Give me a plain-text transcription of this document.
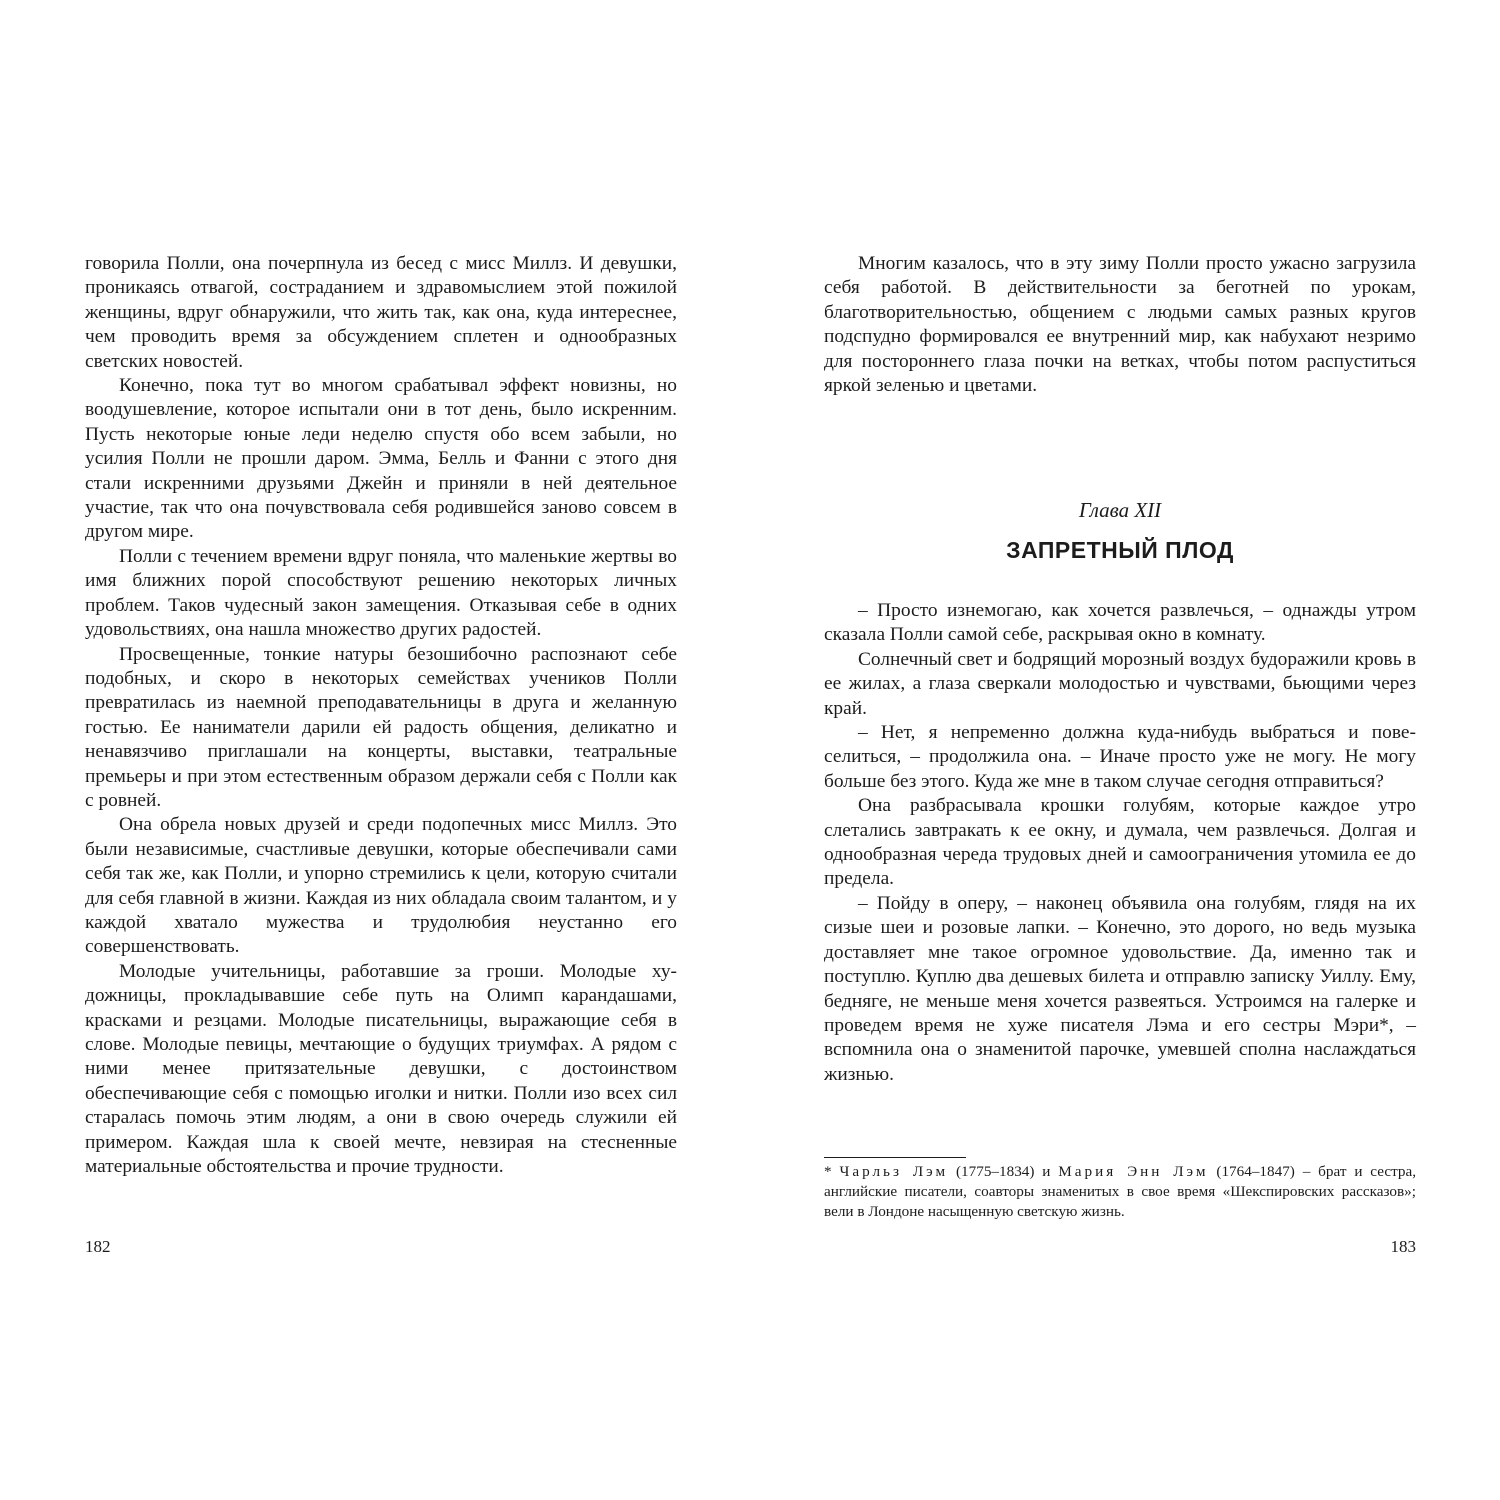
говорила Полли, она почерпнула из бесед с мисс Миллз. И девушки, проникаясь отвагой, состраданием и здравомыслием этой пожилой женщины, вдруг обнаружили, что жить так, как она, куда интереснее, чем проводить время за обсуждением сплетен и однообразных светских новостей.

Конечно, пока тут во многом срабатывал эффект новизны, но воодушевление, которое испытали они в тот день, было искренним. Пусть некоторые юные леди неделю спустя обо всем забыли, но усилия Полли не прошли даром. Эмма, Белль и Фанни с этого дня стали искренними друзьями Джейн и приняли в ней деятельное участие, так что она почувствовала себя родившейся заново совсем в другом мире.

Полли с течением времени вдруг поняла, что маленькие жертвы во имя ближних порой способствуют решению некоторых личных проблем. Таков чудесный закон замещения. Отказывая себе в одних удовольствиях, она нашла множество других радостей.

Просвещенные, тонкие натуры безошибочно распознают себе подобных, и скоро в некоторых семействах учеников Полли превратилась из наемной преподавательницы в друга и желанную гостью. Ее наниматели дарили ей радость общения, деликатно и ненавязчиво приглашали на концерты, выставки, театральные премьеры и при этом естественным образом держали себя с Полли как с ровней.

Она обрела новых друзей и среди подопечных мисс Миллз. Это были независимые, счастливые девушки, которые обеспечивали сами себя так же, как Полли, и упорно стремились к цели, которую считали для себя главной в жизни. Каждая из них обладала своим талантом, и у каждой хватало мужества и трудолюбия неустанно его совершенствовать.

Молодые учительницы, работавшие за гроши. Молодые художницы, прокладывавшие себе путь на Олимп карандашами, красками и резцами. Молодые писательницы, выражающие себя в слове. Молодые певицы, мечтающие о будущих триумфах. А рядом с ними менее притязательные девушки, с достоинством обеспечивающие себя с помощью иголки и нитки. Полли изо всех сил старалась помочь этим людям, а они в свою очередь служили ей примером. Каждая шла к своей мечте, невзирая на стесненные материальные обстоятельства и прочие трудности.

182

Многим казалось, что в эту зиму Полли просто ужасно загрузила себя работой. В действительности за беготней по урокам, благотворительностью, общением с людьми самых разных кругов подспудно формировался ее внутренний мир, как набухают незримо для постороннего глаза почки на ветках, чтобы потом распуститься яркой зеленью и цветами.

Глава XII

ЗАПРЕТНЫЙ ПЛОД

– Просто изнемогаю, как хочется развлечься, – однажды утром сказала Полли самой себе, раскрывая окно в комнату.

Солнечный свет и бодрящий морозный воздух будоражили кровь в ее жилах, а глаза сверкали молодостью и чувствами, бьющими через край.

– Нет, я непременно должна куда-нибудь выбраться и повеселиться, – продолжила она. – Иначе просто уже не могу. Не могу больше без этого. Куда же мне в таком случае сегодня отправиться?

Она разбрасывала крошки голубям, которые каждое утро слетались завтракать к ее окну, и думала, чем развлечься. Долгая и однообразная череда трудовых дней и самоограничения утомила ее до предела.

– Пойду в оперу, – наконец объявила она голубям, глядя на их сизые шеи и розовые лапки. – Конечно, это дорого, но ведь музыка доставляет мне такое огромное удовольствие. Да, именно так и поступлю. Куплю два дешевых билета и отправлю записку Уиллу. Ему, бедняге, не меньше меня хочется развеяться. Устроимся на галерке и проведем время не хуже писателя Лэма и его сестры Мэри*, – вспомнила она о знаменитой парочке, умевшей сполна наслаждаться жизнью.

* Чарльз Лэм (1775–1834) и Мария Энн Лэм (1764–1847) – брат и сестра, английские писатели, соавторы знаменитых в свое время «Шекспировских рассказов»; вели в Лондоне насыщенную светскую жизнь.

183
